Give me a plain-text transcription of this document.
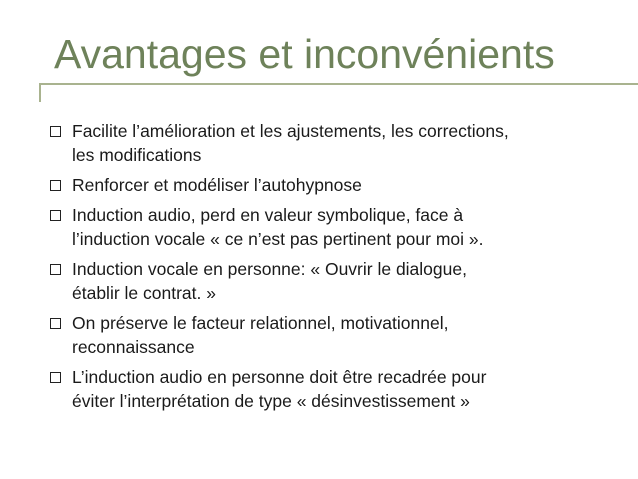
Avantages et inconvénients
Facilite l’amélioration et les ajustements, les corrections,
les modifications
Renforcer et modéliser l’autohypnose
Induction audio, perd en valeur symbolique, face à
l’induction vocale « ce n’est pas pertinent pour moi ».
Induction vocale en personne: « Ouvrir le dialogue,
établir le contrat. »
On préserve le facteur relationnel, motivationnel,
reconnaissance
L’induction audio en personne doit être recadrée pour
éviter l’interprétation de type « désinvestissement »
